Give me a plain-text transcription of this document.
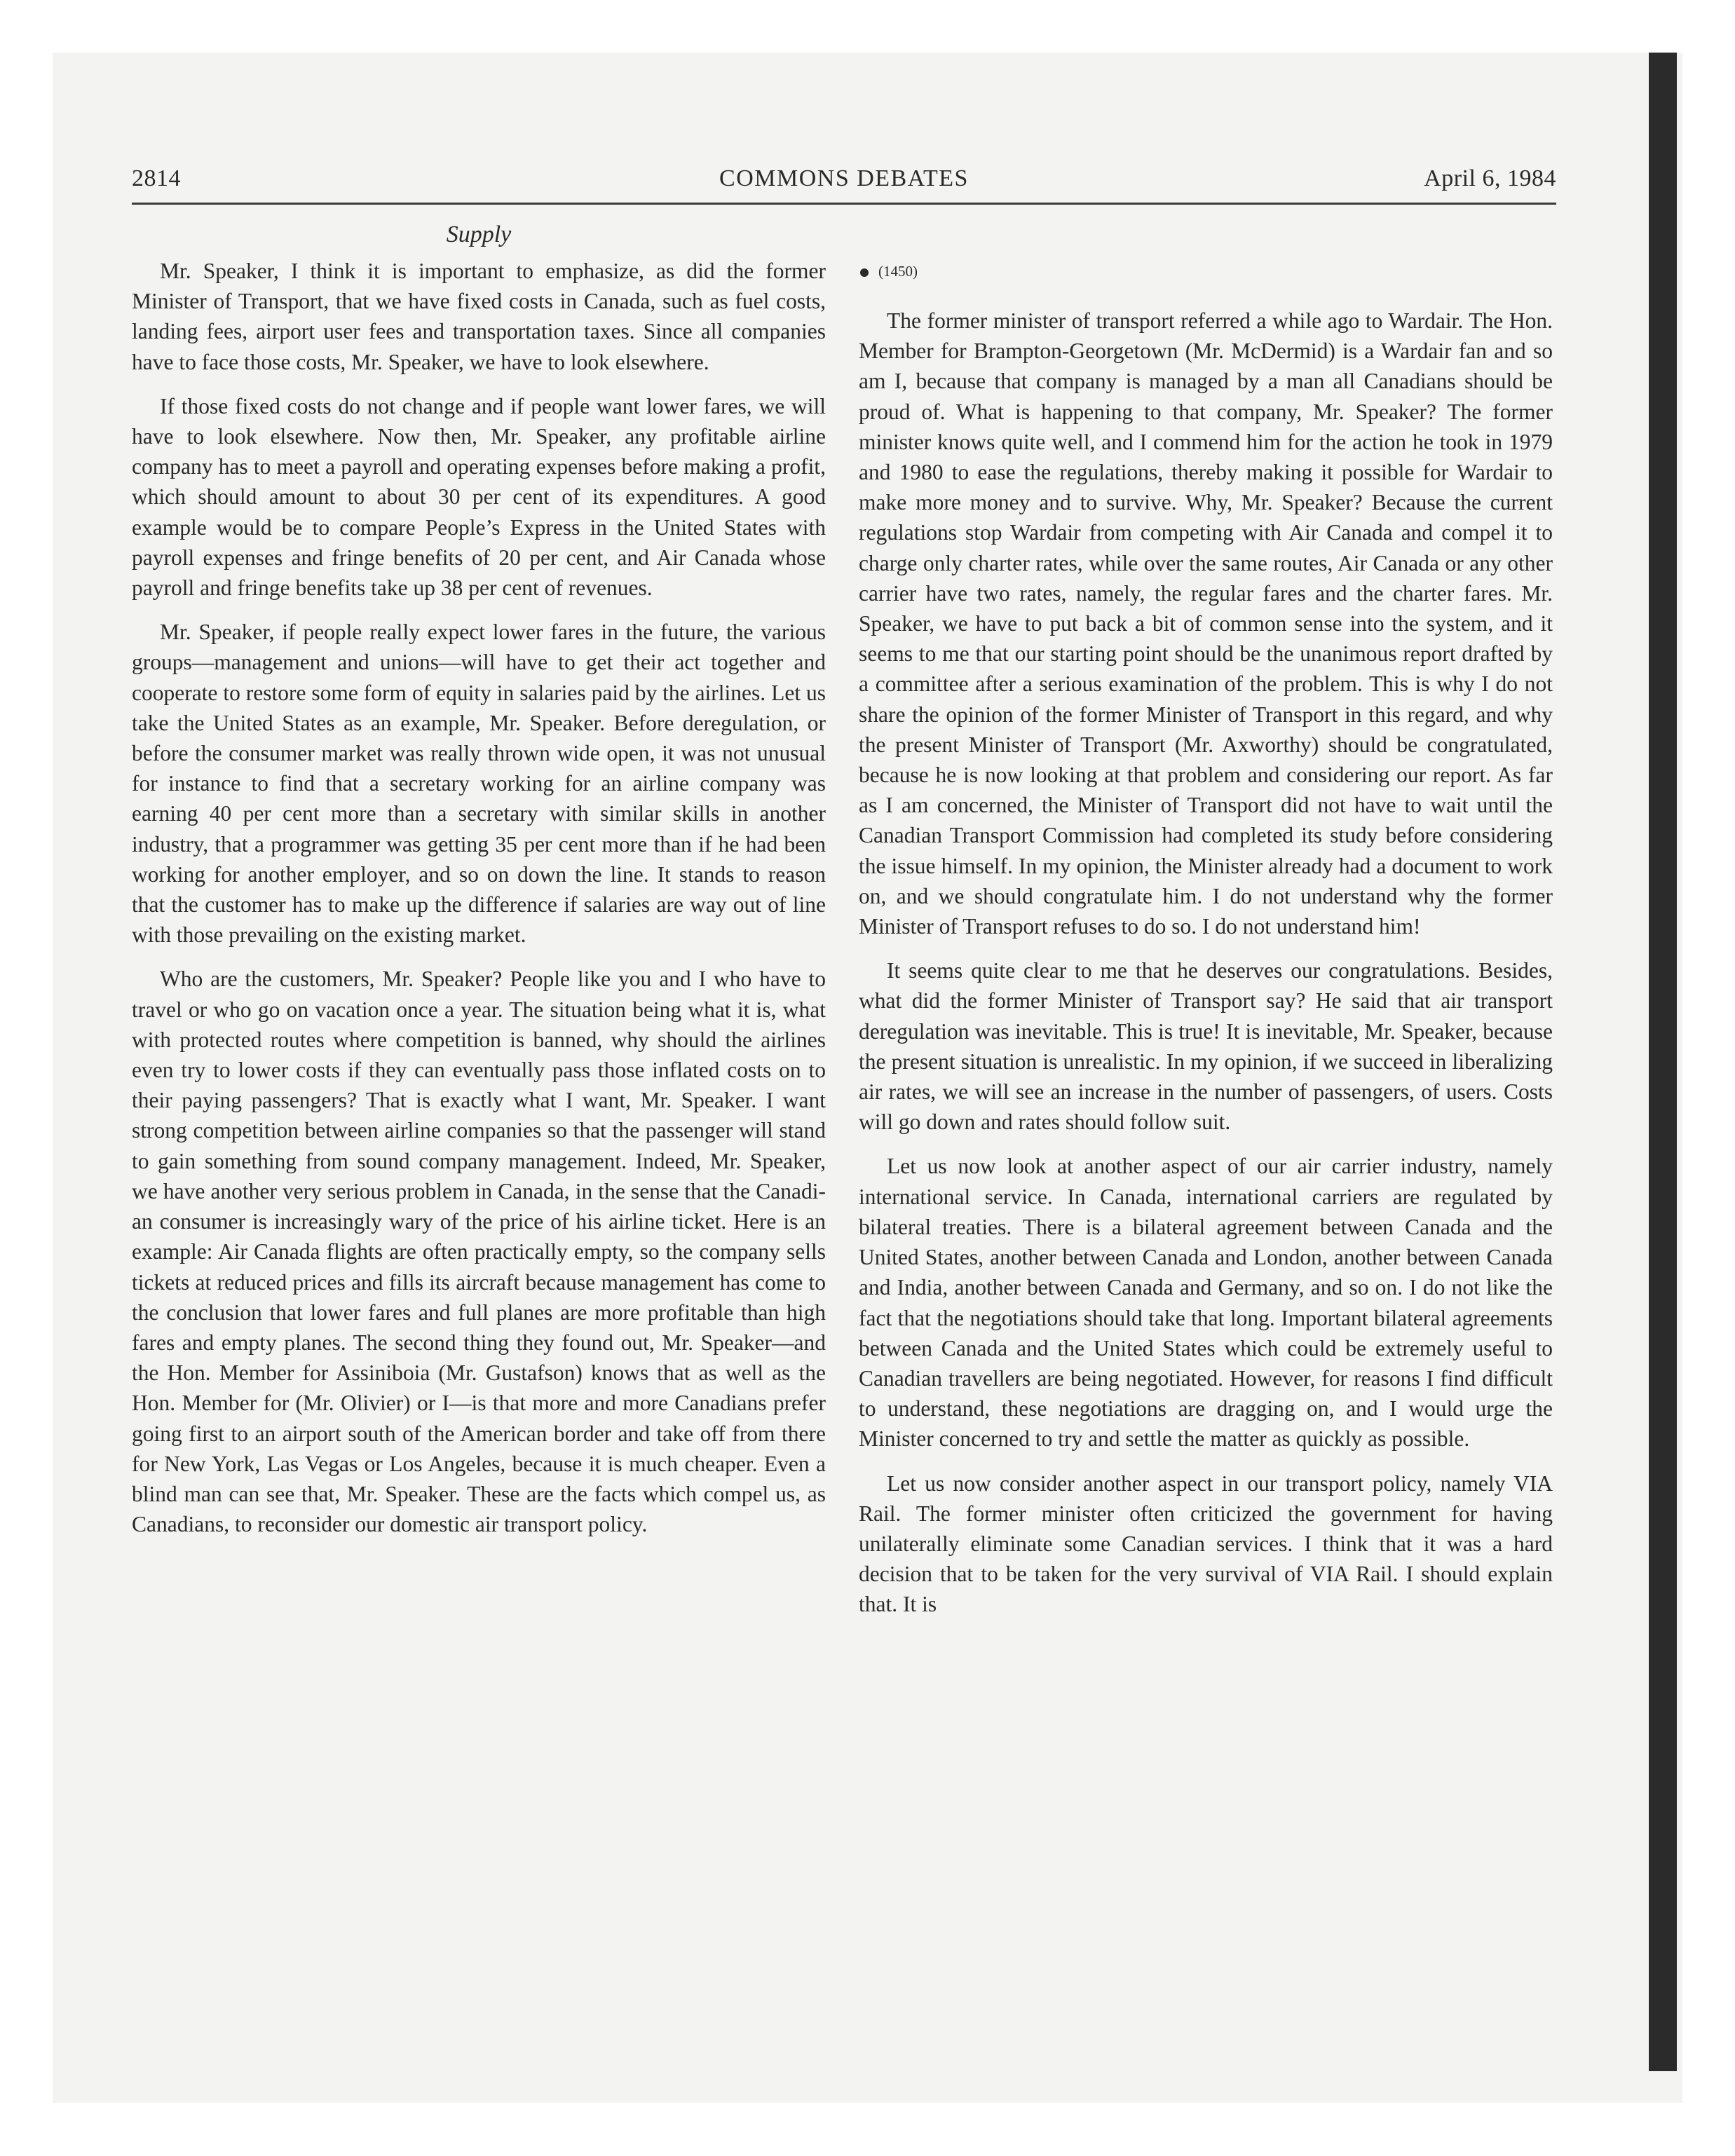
2814	COMMONS DEBATES	April 6, 1984
Supply

Mr. Speaker, I think it is important to emphasize, as did the former Minister of Transport, that we have fixed costs in Canada, such as fuel costs, landing fees, airport user fees and transportation taxes. Since all companies have to face those costs, Mr. Speaker, we have to look elsewhere.

If those fixed costs do not change and if people want lower fares, we will have to look elsewhere. Now then, Mr. Speaker, any profitable airline company has to meet a payroll and operating expenses before making a profit, which should amount to about 30 per cent of its expenditures. A good example would be to compare People’s Express in the United States with payroll expenses and fringe benefits of 20 per cent, and Air Canada whose payroll and fringe benefits take up 38 per cent of revenues.

Mr. Speaker, if people really expect lower fares in the future, the various groups—management and unions—will have to get their act together and cooperate to restore some form of equity in salaries paid by the airlines. Let us take the United States as an example, Mr. Speaker. Before deregulation, or before the consumer market was really thrown wide open, it was not unusual for instance to find that a secretary working for an airline company was earning 40 per cent more than a secretary with similar skills in another industry, that a programmer was getting 35 per cent more than if he had been working for another employer, and so on down the line. It stands to reason that the customer has to make up the difference if salaries are way out of line with those prevailing on the existing market.

Who are the customers, Mr. Speaker? People like you and I who have to travel or who go on vacation once a year. The situation being what it is, what with protected routes where competition is banned, why should the airlines even try to lower costs if they can eventually pass those inflated costs on to their paying passengers? That is exactly what I want, Mr. Speaker. I want strong competition between airline companies so that the passenger will stand to gain something from sound company management. Indeed, Mr. Speaker, we have another very serious problem in Canada, in the sense that the Canadian consumer is increasingly wary of the price of his airline ticket. Here is an example: Air Canada flights are often practically empty, so the company sells tickets at reduced prices and fills its aircraft because management has come to the conclusion that lower fares and full planes are more profitable than high fares and empty planes. The second thing they found out, Mr. Speaker—and the Hon. Member for Assiniboia (Mr. Gustafson) knows that as well as the Hon. Member for (Mr. Olivier) or I—is that more and more Canadians prefer going first to an airport south of the American border and take off from there for New York, Las Vegas or Los Angeles, because it is much cheaper. Even a blind man can see that, Mr. Speaker. These are the facts which compel us, as Canadians, to reconsider our domestic air transport policy.

(1450)

The former minister of transport referred a while ago to Wardair. The Hon. Member for Brampton-Georgetown (Mr. McDermid) is a Wardair fan and so am I, because that company is managed by a man all Canadians should be proud of. What is happening to that company, Mr. Speaker? The former minister knows quite well, and I commend him for the action he took in 1979 and 1980 to ease the regulations, thereby making it possible for Wardair to make more money and to survive. Why, Mr. Speaker? Because the current regulations stop Wardair from competing with Air Canada and compel it to charge only charter rates, while over the same routes, Air Canada or any other carrier have two rates, namely, the regular fares and the charter fares. Mr. Speaker, we have to put back a bit of common sense into the system, and it seems to me that our starting point should be the unanimous report drafted by a committee after a serious examination of the problem. This is why I do not share the opinion of the former Minister of Transport in this regard, and why the present Minister of Transport (Mr. Axworthy) should be congratulated, because he is now looking at that problem and considering our report. As far as I am concerned, the Minister of Transport did not have to wait until the Canadian Transport Commission had completed its study before considering the issue himself. In my opinion, the Minister already had a document to work on, and we should congratulate him. I do not understand why the former Minister of Transport refuses to do so. I do not understand him!

It seems quite clear to me that he deserves our congratulations. Besides, what did the former Minister of Transport say? He said that air transport deregulation was inevitable. This is true! It is inevitable, Mr. Speaker, because the present situation is unrealistic. In my opinion, if we succeed in liberalizing air rates, we will see an increase in the number of passengers, of users. Costs will go down and rates should follow suit.

Let us now look at another aspect of our air carrier industry, namely international service. In Canada, international carriers are regulated by bilateral treaties. There is a bilateral agreement between Canada and the United States, another between Canada and London, another between Canada and India, another between Canada and Germany, and so on. I do not like the fact that the negotiations should take that long. Important bilateral agreements between Canada and the United States which could be extremely useful to Canadian travellers are being negotiated. However, for reasons I find difficult to understand, these negotiations are dragging on, and I would urge the Minister concerned to try and settle the matter as quickly as possible.

Let us now consider another aspect in our transport policy, namely VIA Rail. The former minister often criticized the government for having unilaterally eliminate some Canadian services. I think that it was a hard decision that to be taken for the very survival of VIA Rail. I should explain that. It is
